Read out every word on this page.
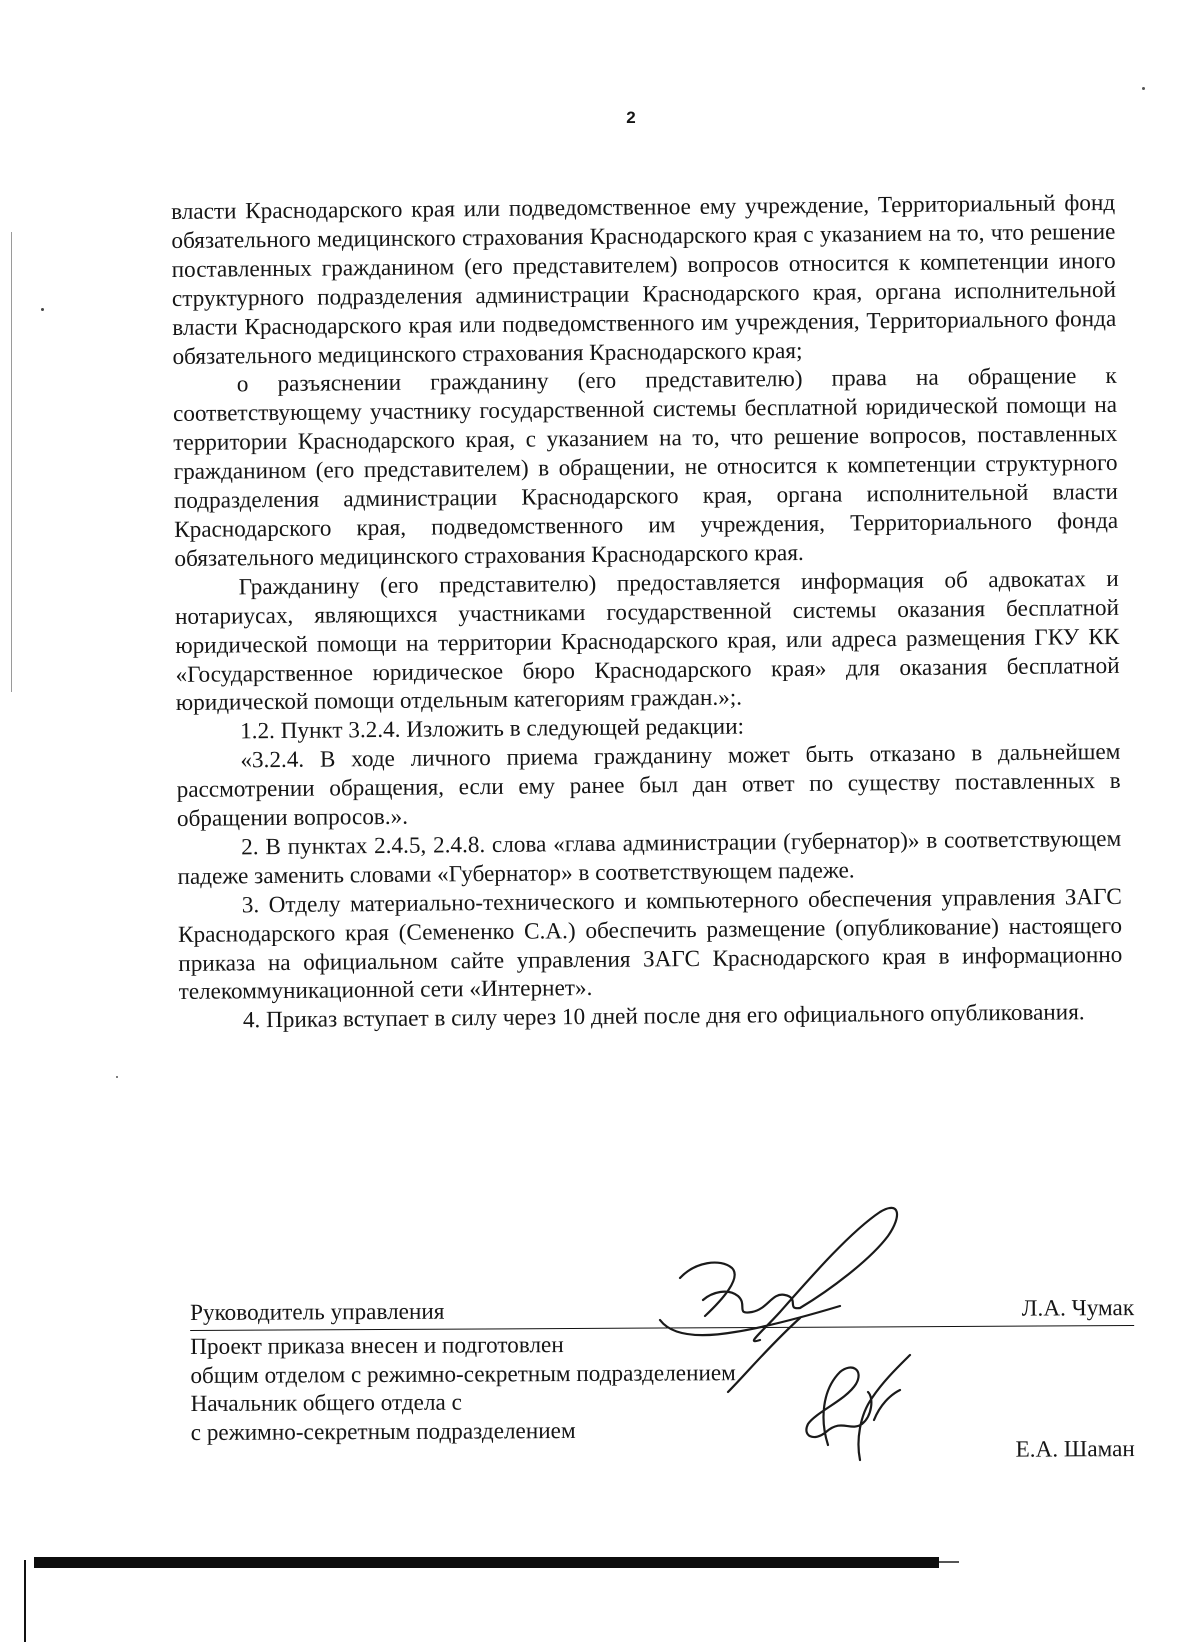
2

власти Краснодарского края или подведомственное ему учреждение, Территориальный фонд обязательного медицинского страхования Краснодарского края с указанием на то, что решение поставленных гражданином (его представителем) вопросов относится к компетенции иного структурного подразделения администрации Краснодарского края, органа исполнительной власти Краснодарского края или подведомственного им учреждения, Территориального фонда обязательного медицинского страхования Краснодарского края;

о разъяснении гражданину (его представителю) права на обращение к соответствующему участнику государственной системы бесплатной юридической помощи на территории Краснодарского края, с указанием на то, что решение вопросов, поставленных гражданином (его представителем) в обращении, не относится к компетенции структурного подразделения администрации Краснодарского края, органа исполнительной власти Краснодарского края, подведомственного им учреждения, Территориального фонда обязательного медицинского страхования Краснодарского края.

Гражданину (его представителю) предоставляется информация об адвокатах и нотариусах, являющихся участниками государственной системы оказания бесплатной юридической помощи на территории Краснодарского края, или адреса размещения ГКУ КК «Государственное юридическое бюро Краснодарского края» для оказания бесплатной юридической помощи отдельным категориям граждан.»;.

1.2. Пункт 3.2.4. Изложить в следующей редакции:

«3.2.4. В ходе личного приема гражданину может быть отказано в дальнейшем рассмотрении обращения, если ему ранее был дан ответ по существу поставленных в обращении вопросов.».

2. В пунктах 2.4.5, 2.4.8. слова «глава администрации (губернатор)» в соответствующем падеже заменить словами «Губернатор» в соответствующем падеже.

3. Отделу материально-технического и компьютерного обеспечения управления ЗАГС Краснодарского края (Семененко С.А.) обеспечить размещение (опубликование) настоящего приказа на официальном сайте управления ЗАГС Краснодарского края в информационно телекоммуникационной сети «Интернет».

4. Приказ вступает в силу через 10 дней после дня его официального опубликования.

Руководитель управления	Л.А. Чумак
Проект приказа внесен и подготовлен
общим отделом с режимно-секретным подразделением
Начальник общего отдела с
с режимно-секретным подразделением
Е.А. Шаман
